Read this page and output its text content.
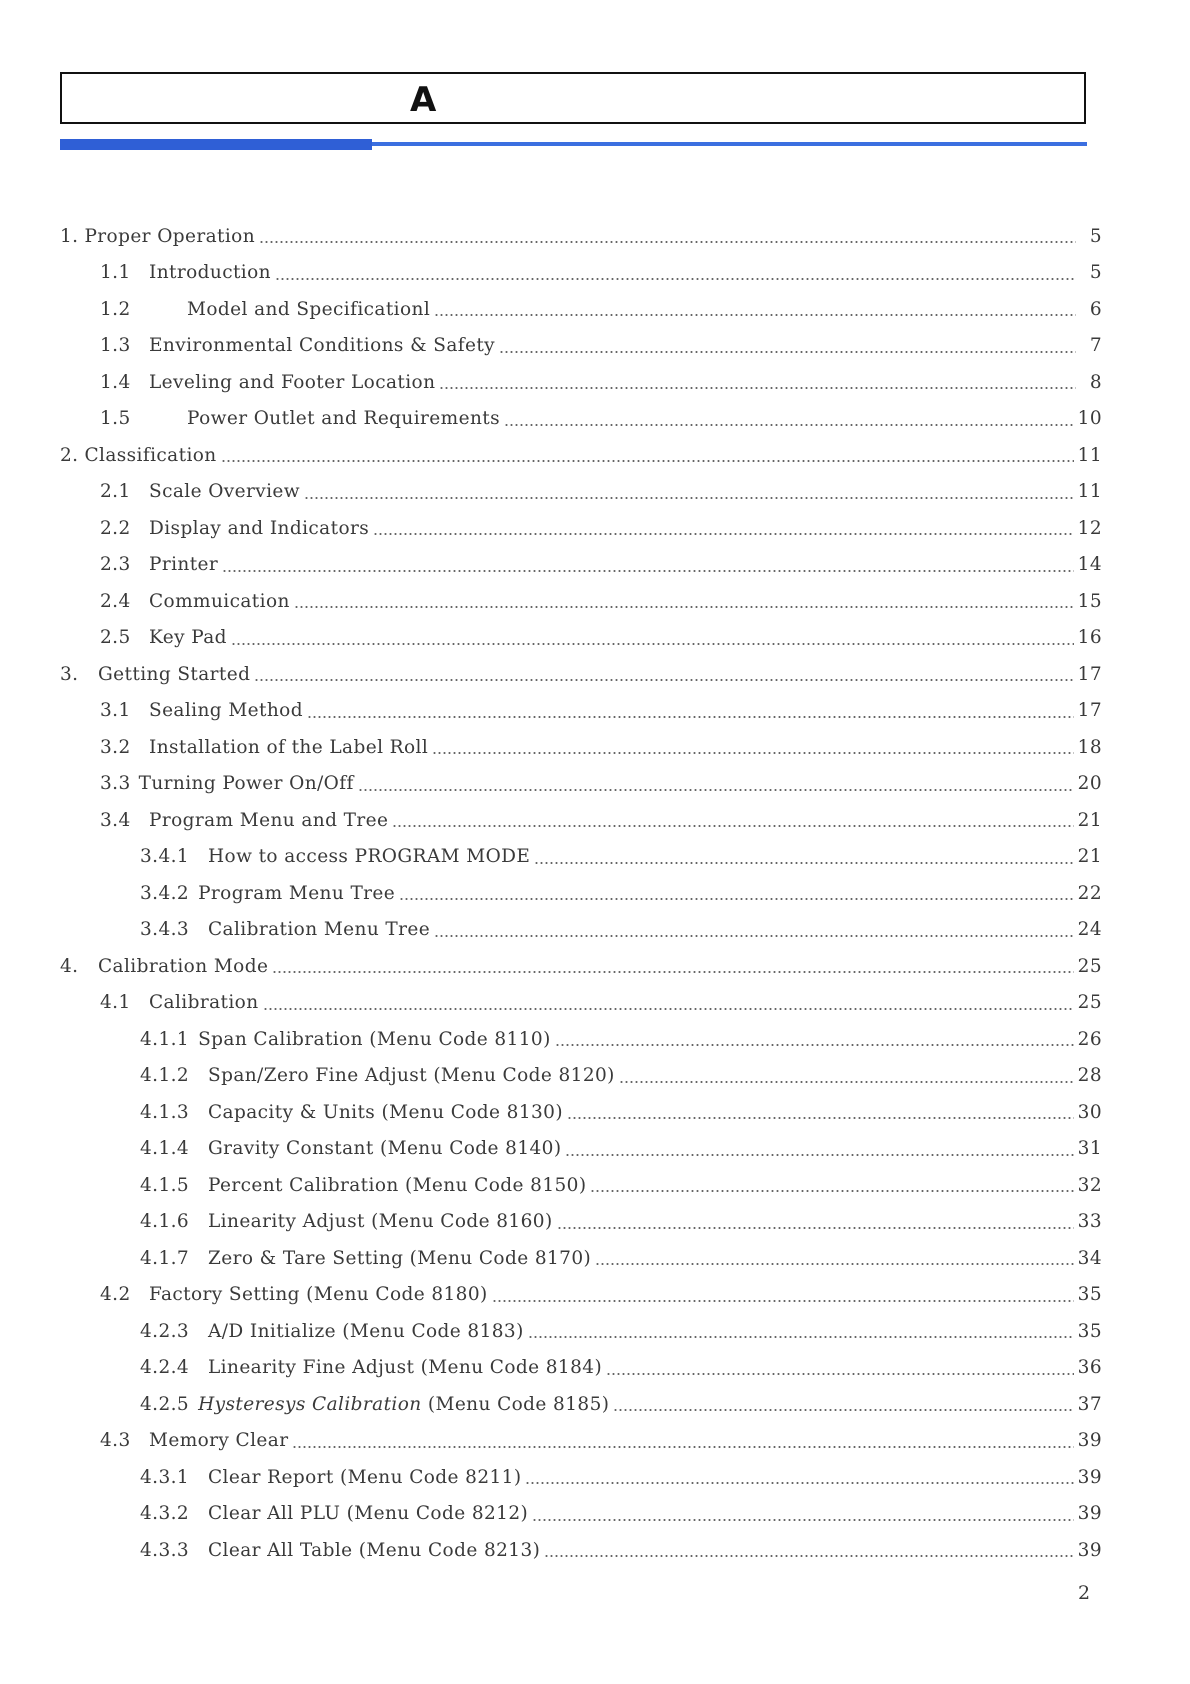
A
1. Proper Operation	5
1.1 Introduction	5
1.2	Model and Specificationl	6
1.3 Environmental Conditions & Safety	7
1.4 Leveling and Footer Location	8
1.5	Power Outlet and Requirements	10
2. Classification	11
2.1 Scale Overview	11
2.2 Display and Indicators	12
2.3 Printer	14
2.4 Commuication	15
2.5 Key Pad	16
3.	Getting Started	17
3.1 Sealing Method	17
3.2 Installation of the Label Roll	18
3.3 Turning Power On/Off	20
3.4 Program Menu and Tree	21
3.4.1	How to access PROGRAM MODE	21
3.4.2 Program Menu Tree	22
3.4.3	Calibration Menu Tree	24
4.	Calibration Mode	25
4.1 Calibration	25
4.1.1 Span Calibration (Menu Code 8110)	26
4.1.2	Span/Zero Fine Adjust (Menu Code 8120)	28
4.1.3	Capacity & Units (Menu Code 8130)	30
4.1.4	Gravity Constant (Menu Code 8140)	31
4.1.5	Percent Calibration (Menu Code 8150)	32
4.1.6	Linearity Adjust (Menu Code 8160)	33
4.1.7	Zero & Tare Setting (Menu Code 8170)	34
4.2 Factory Setting (Menu Code 8180)	35
4.2.3	A/D Initialize (Menu Code 8183)	35
4.2.4	Linearity Fine Adjust (Menu Code 8184)	36
4.2.5 Hysteresys Calibration (Menu Code 8185)	37
4.3 Memory Clear	39
4.3.1	Clear Report (Menu Code 8211)	39
4.3.2	Clear All PLU (Menu Code 8212)	39
4.3.3	Clear All Table (Menu Code 8213)	39
2
